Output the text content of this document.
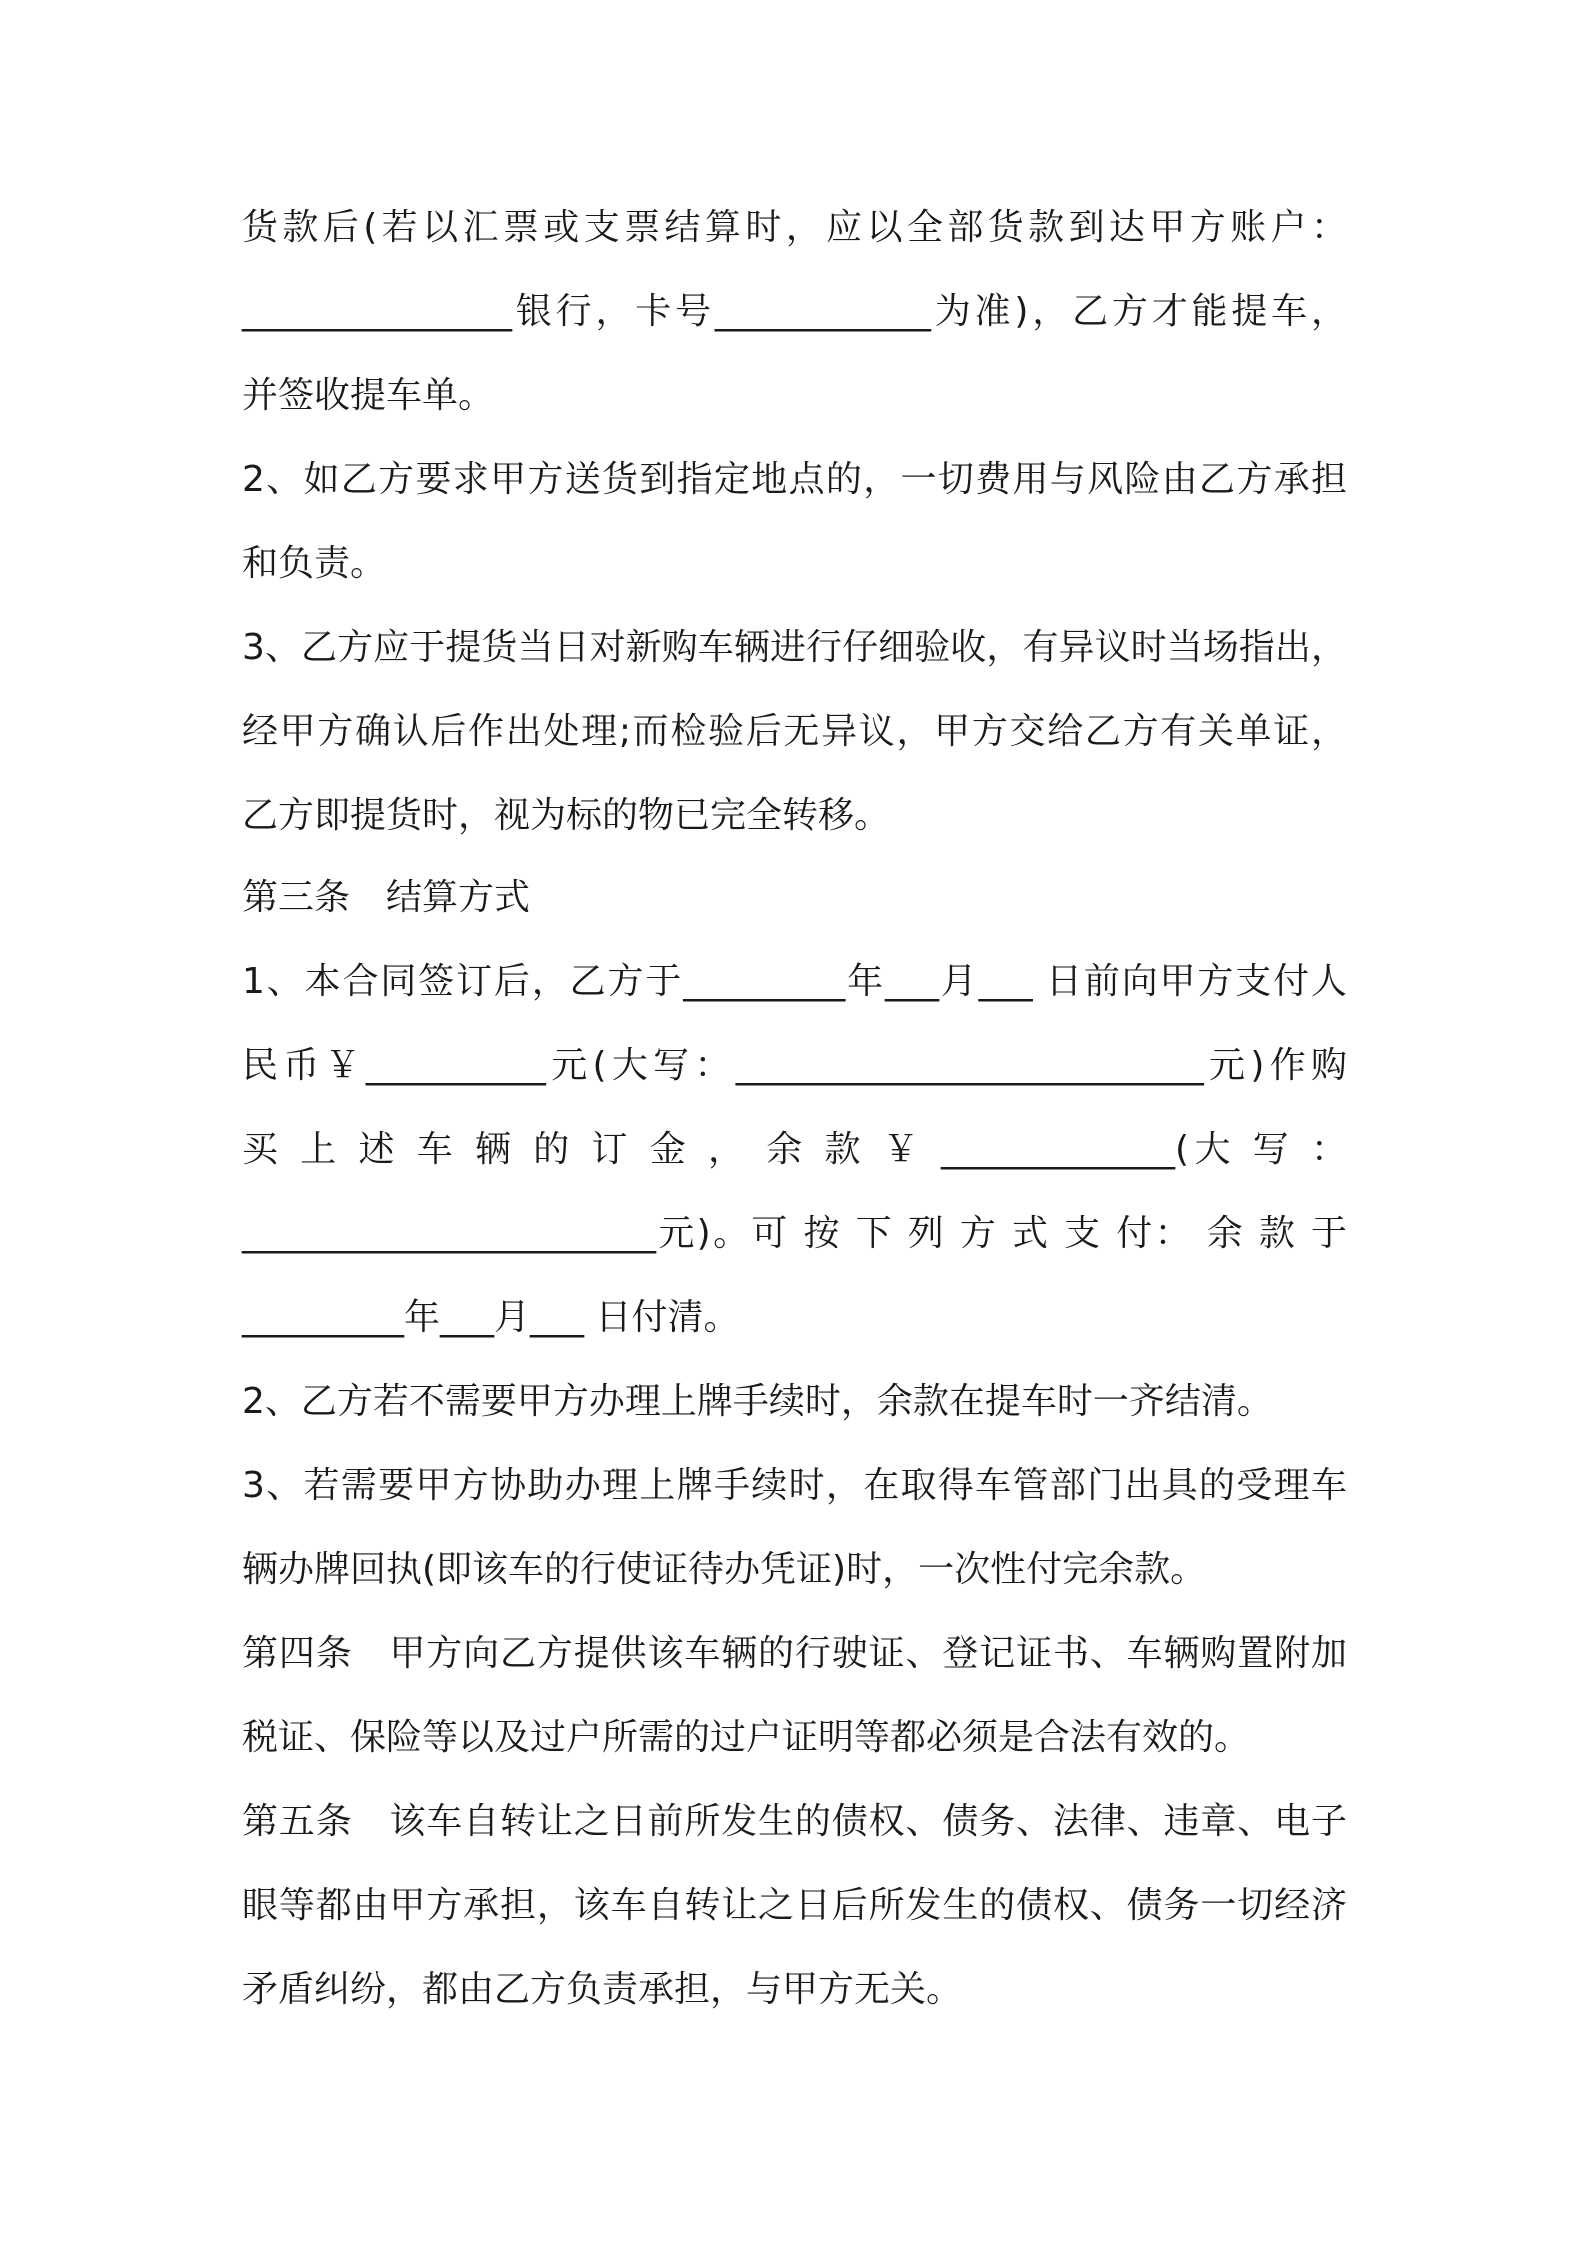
货款后(若以汇票或支票结算时，应以全部货款到达甲方账户：
_______________银行，卡号____________为准)，乙方才能提车，
并签收提车单。
2、如乙方要求甲方送货到指定地点的，一切费用与风险由乙方承担
和负责。
3、乙方应于提货当日对新购车辆进行仔细验收，有异议时当场指出，
经甲方确认后作出处理;而检验后无异议，甲方交给乙方有关单证，
乙方即提货时，视为标的物已完全转移。
第三条　结算方式
1、本合同签订后，乙方于_________年___月___ 日前向甲方支付人
民币￥__________元(大写：__________________________元)作购
买 上 述 车 辆 的 订 金 ， 余 款 ￥ _____________(大 写 ：
_______________________元)。可 按 下 列 方 式 支 付： 余 款 于
_________年___月___ 日付清。
2、乙方若不需要甲方办理上牌手续时，余款在提车时一齐结清。
3、若需要甲方协助办理上牌手续时，在取得车管部门出具的受理车
辆办牌回执(即该车的行使证待办凭证)时，一次性付完余款。
第四条　甲方向乙方提供该车辆的行驶证、登记证书、车辆购置附加
税证、保险等以及过户所需的过户证明等都必须是合法有效的。
第五条　该车自转让之日前所发生的债权、债务、法律、违章、电子
眼等都由甲方承担，该车自转让之日后所发生的债权、债务一切经济
矛盾纠纷，都由乙方负责承担，与甲方无关。
